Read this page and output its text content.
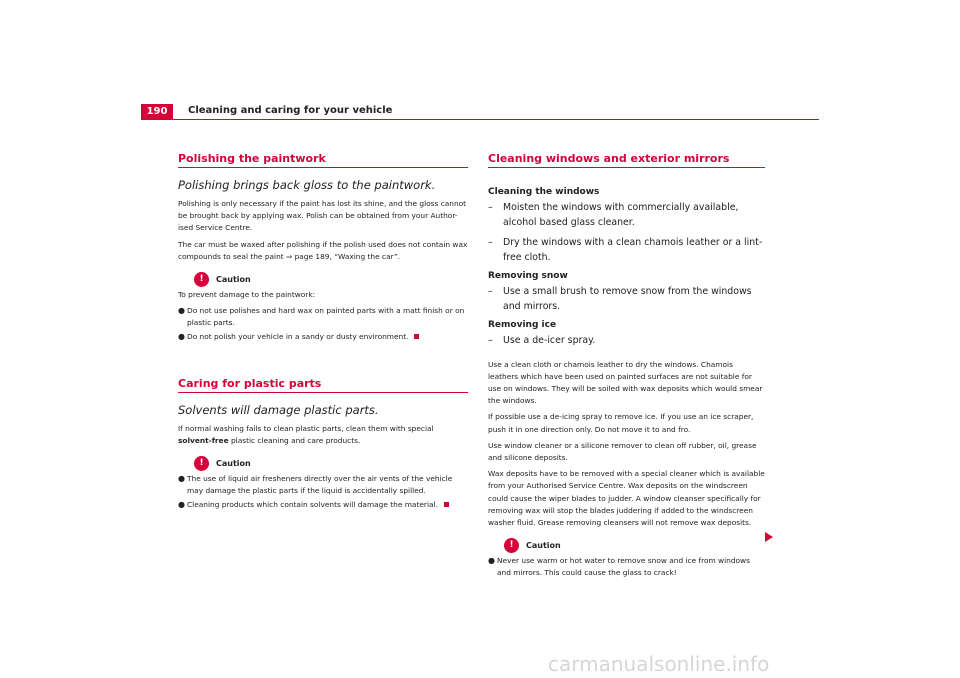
190	Cleaning and caring for your vehicle
Polishing the paintwork
Polishing brings back gloss to the paintwork.

Polishing is only necessary if the paint has lost its shine, and the gloss cannot be brought back by applying wax. Polish can be obtained from your Author-ised Service Centre.

The car must be waxed after polishing if the polish used does not contain wax compounds to seal the paint ⇒ page 189, “Waxing the car”.

!	Caution

To prevent damage to the paintwork:

● Do not use polishes and hard wax on painted parts with a matt finish or on plastic parts.
● Do not polish your vehicle in a sandy or dusty environment.
Caring for plastic parts
Solvents will damage plastic parts.

If normal washing fails to clean plastic parts, clean them with special solvent-free plastic cleaning and care products.

!	Caution
● The use of liquid air fresheners directly over the air vents of the vehicle may damage the plastic parts if the liquid is accidentally spilled.
● Cleaning products which contain solvents will damage the material.
Cleaning windows and exterior mirrors
Cleaning the windows
–	Moisten the windows with commercially available, alcohol based glass cleaner.
–	Dry the windows with a clean chamois leather or a lint-free cloth.
Removing snow
–	Use a small brush to remove snow from the windows and mirrors.
Removing ice
–	Use a de-icer spray.

Use a clean cloth or chamois leather to dry the windows. Chamois leathers which have been used on painted surfaces are not suitable for use on windows. They will be soiled with wax deposits which would smear the windows.

If possible use a de-icing spray to remove ice. If you use an ice scraper, push it in one direction only. Do not move it to and fro.

Use window cleaner or a silicone remover to clean off rubber, oil, grease and silicone deposits.

Wax deposits have to be removed with a special cleaner which is available from your Authorised Service Centre. Wax deposits on the windscreen could cause the wiper blades to judder. A window cleanser specifically for removing wax will stop the blades juddering if added to the windscreen washer fluid. Grease removing cleansers will not remove wax deposits.

!	Caution
● Never use warm or hot water to remove snow and ice from windows and mirrors. This could cause the glass to crack!
carmanualsonline.info
